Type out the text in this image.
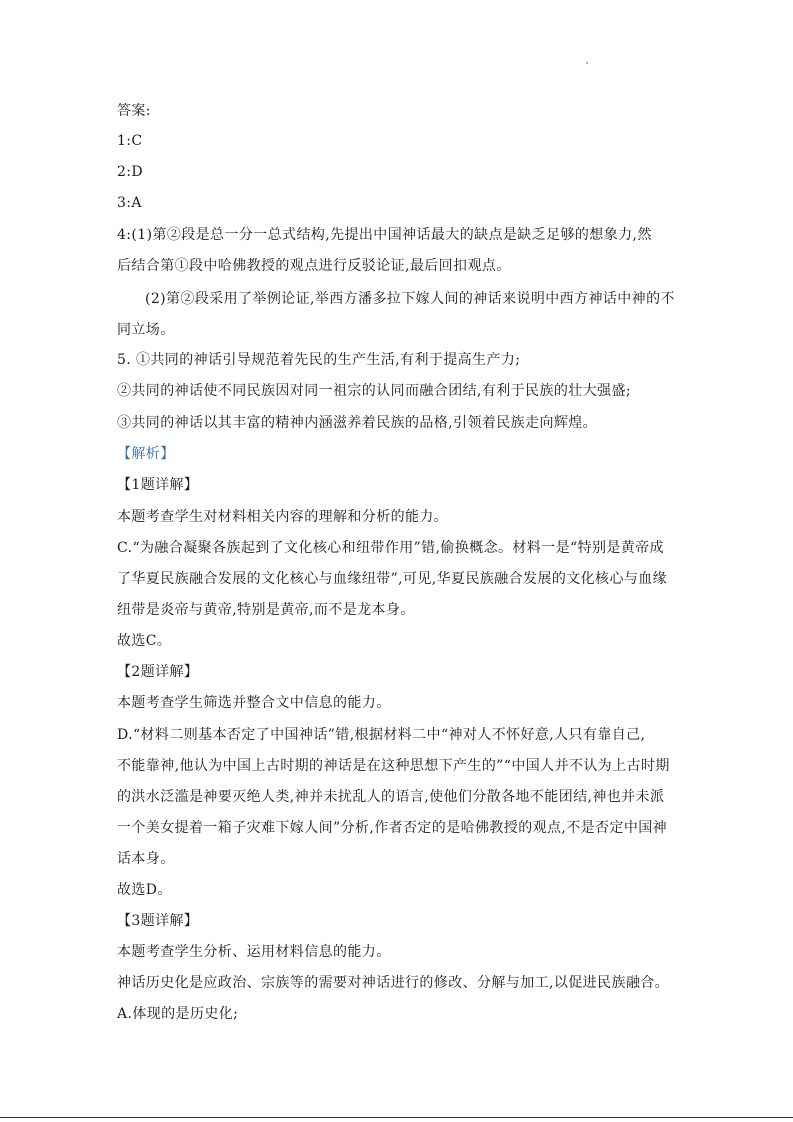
答案:
1:C
2:D
3:A
4:(1)第②段是总一分一总式结构,先提出中国神话最大的缺点是缺乏足够的想象力,然
后结合第①段中哈佛教授的观点进行反驳论证,最后回扣观点。
(2)第②段采用了举例论证,举西方潘多拉下嫁人间的神话来说明中西方神话中神的不
同立场。
5. ①共同的神话引导规范着先民的生产生活,有利于提高生产力;
②共同的神话使不同民族因对同一祖宗的认同而融合团结,有利于民族的壮大强盛;
③共同的神话以其丰富的精神内涵滋养着民族的品格,引领着民族走向辉煌。
【解析】
【1题详解】
本题考查学生对材料相关内容的理解和分析的能力。
C.“为融合凝聚各族起到了文化核心和纽带作用”错,偷换概念。材料一是“特别是黄帝成
了华夏民族融合发展的文化核心与血缘纽带”,可见,华夏民族融合发展的文化核心与血缘
纽带是炎帝与黄帝,特别是黄帝,而不是龙本身。
故选C。
【2题详解】
本题考查学生筛选并整合文中信息的能力。
D.“材料二则基本否定了中国神话”错,根据材料二中“神对人不怀好意,人只有靠自己,
不能靠神,他认为中国上古时期的神话是在这种思想下产生的”“中国人并不认为上古时期
的洪水泛滥是神要灭绝人类,神并未扰乱人的语言,使他们分散各地不能团结,神也并未派
一个美女提着一箱子灾难下嫁人间”分析,作者否定的是哈佛教授的观点,不是否定中国神
话本身。
故选D。
【3题详解】
本题考查学生分析、运用材料信息的能力。
神话历史化是应政治、宗族等的需要对神话进行的修改、分解与加工,以促进民族融合。
A.体现的是历史化;
